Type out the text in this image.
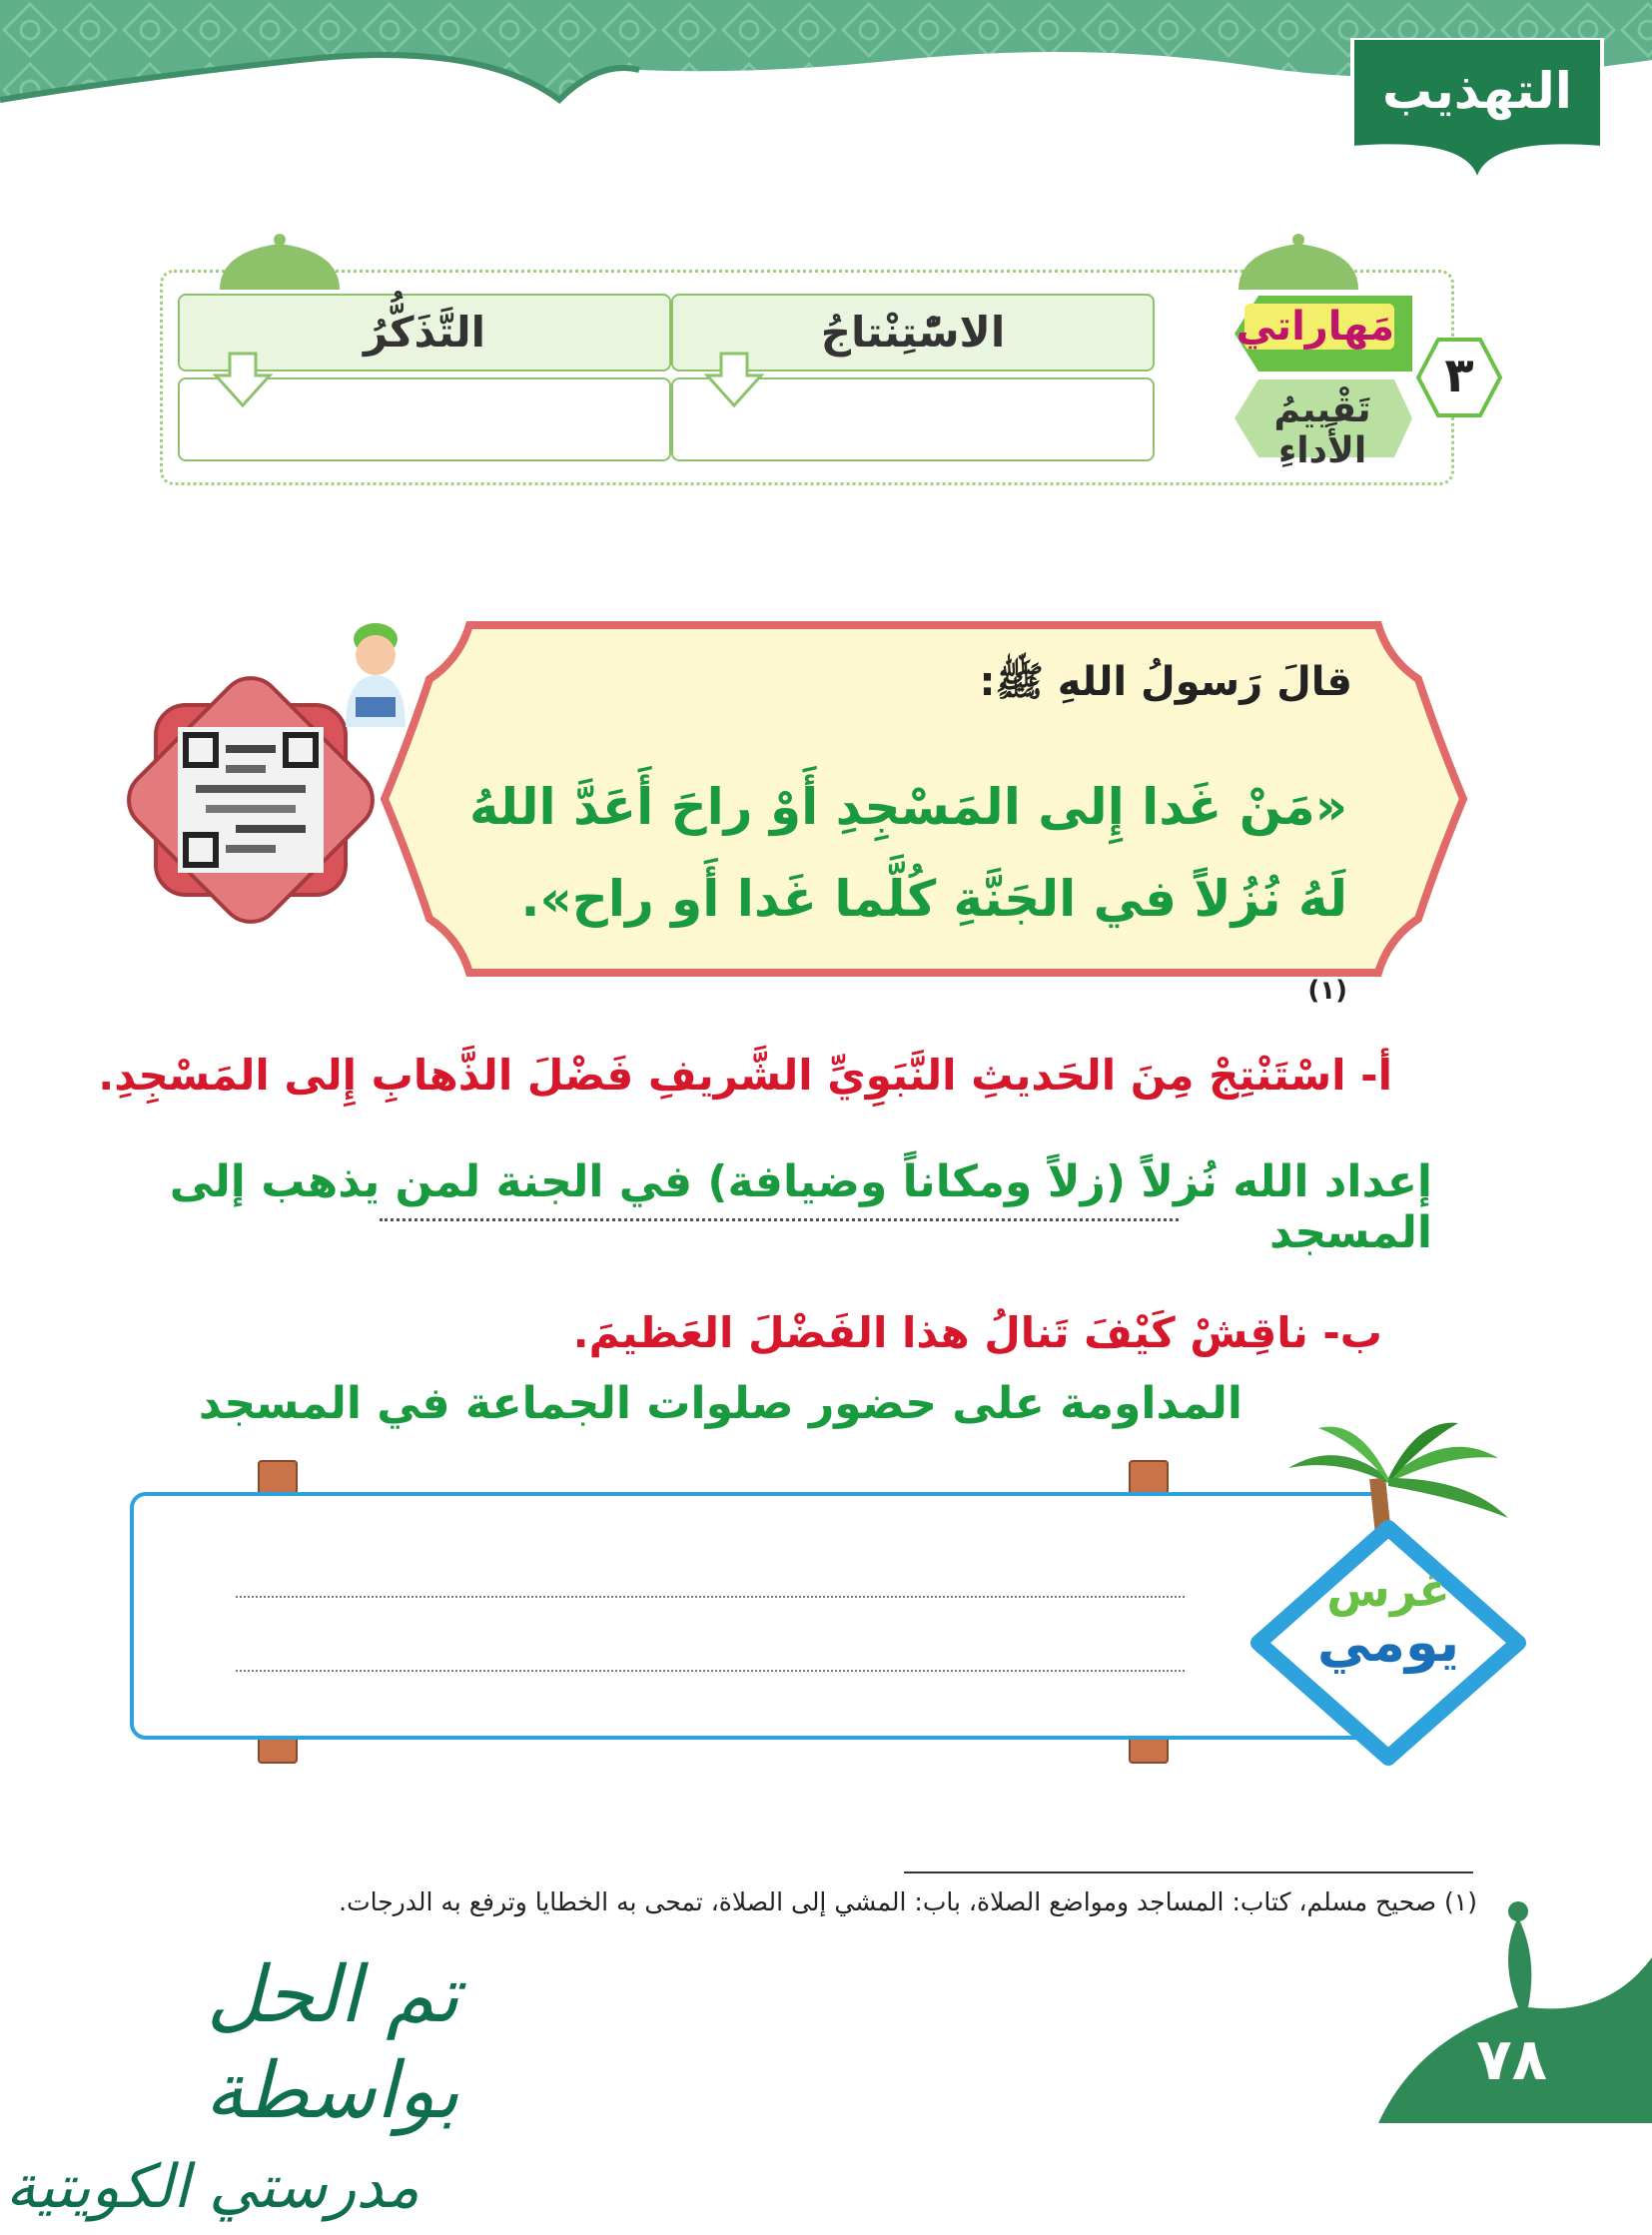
التهذيب
التَّذَكُّرُ	الاسّْتِنْتاجُ	مَهاراتي
تَقْييمُ الأَداءِ
٣
قالَ رَسولُ اللهِ ﷺ:
«مَنْ غَدا إِلى المَسْجِدِ أَوْ راحَ أَعَدَّ اللهُ لَهُ نُزُلاً في الجَنَّةِ كُلَّما غَدا أَو راح». $^{(١)}$
أ- اسْتَنْتِجْ مِنَ الحَديثِ النَّبَوِيِّ الشَّريفِ فَضْلَ الذَّهابِ إِلى المَسْجِدِ.
إعداد الله نُزلاً (زلاً ومكاناً وضيافة) في الجنة لمن يذهب إلى المسجد
ب- ناقِشْ كَيْفَ تَنالُ هذا الفَضْلَ العَظيمَ.
المداومة على حضور صلوات الجماعة في المسجد
غرس
يومي
(١) صحيح مسلم، كتاب: المساجد ومواضع الصلاة، باب: المشي إلى الصلاة، تمحى به الخطايا وترفع به الدرجات.
٧٨
تم الحل بواسطة
مدرستي الكويتية
